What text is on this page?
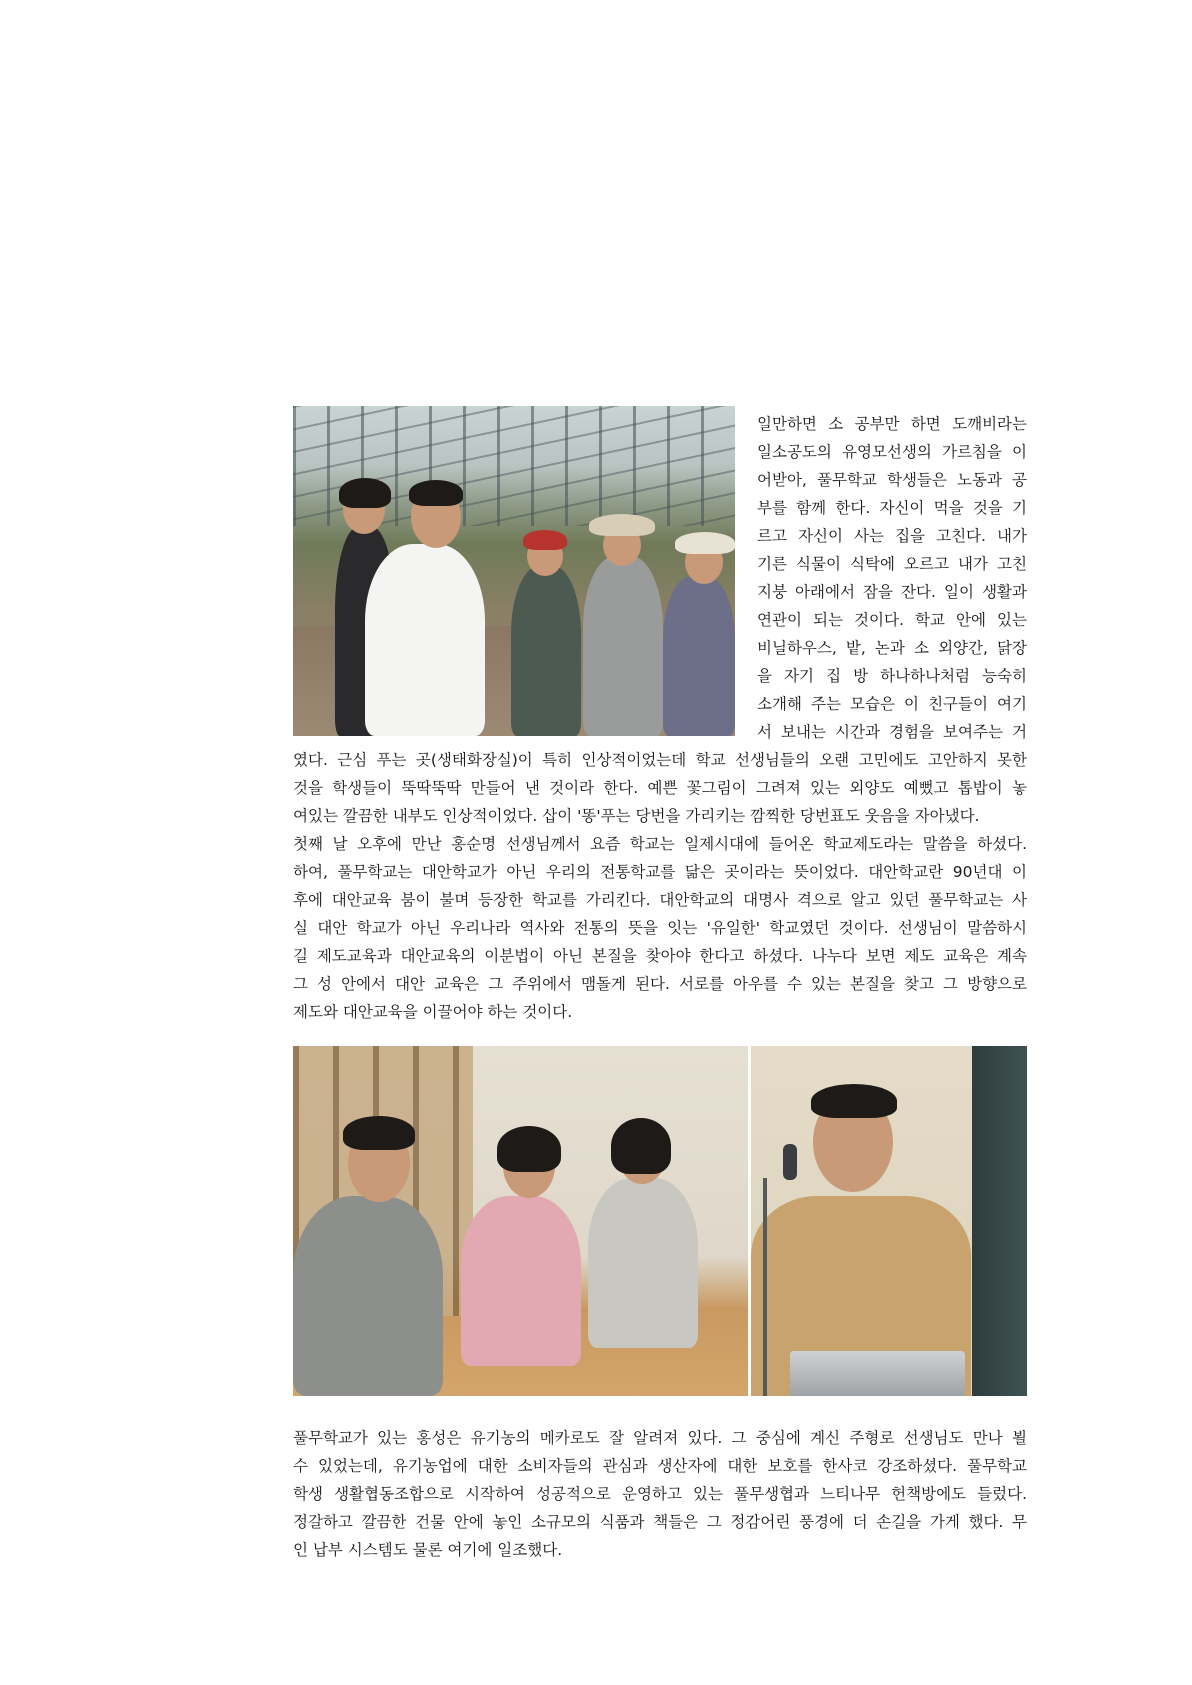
일만하면 소 공부만 하면 도깨비라는
일소공도의 유영모선생의 가르침을 이
어받아, 풀무학교 학생들은 노동과 공
부를 함께 한다. 자신이 먹을 것을 기
르고 자신이 사는 집을 고친다. 내가
기른 식물이 식탁에 오르고 내가 고친
지붕 아래에서 잠을 잔다. 일이 생활과
연관이 되는 것이다. 학교 안에 있는
비닐하우스, 밭, 논과 소 외양간, 닭장
을 자기 집 방 하나하나처럼 능숙히
소개해 주는 모습은 이 친구들이 여기
서 보내는 시간과 경험을 보여주는 거
였다. 근심 푸는 곳(생태화장실)이 특히 인상적이었는데 학교 선생님들의 오랜 고민에도 고안하지 못한
것을 학생들이 뚝딱뚝딱 만들어 낸 것이라 한다. 예쁜 꽃그림이 그려져 있는 외양도 예뻤고 톱밥이 놓
여있는 깔끔한 내부도 인상적이었다. 삽이 '똥'푸는 당번을 가리키는 깜찍한 당번표도 웃음을 자아냈다.
첫째 날 오후에 만난 홍순명 선생님께서 요즘 학교는 일제시대에 들어온 학교제도라는 말씀을 하셨다.
하여, 풀무학교는 대안학교가 아닌 우리의 전통학교를 닮은 곳이라는 뜻이었다. 대안학교란 90년대 이
후에 대안교육 붐이 불며 등장한 학교를 가리킨다. 대안학교의 대명사 격으로 알고 있던 풀무학교는 사
실 대안 학교가 아닌 우리나라 역사와 전통의 뜻을 잇는 '유일한' 학교였던 것이다. 선생님이 말씀하시
길 제도교육과 대안교육의 이분법이 아닌 본질을 찾아야 한다고 하셨다. 나누다 보면 제도 교육은 계속
그 성 안에서 대안 교육은 그 주위에서 맴돌게 된다. 서로를 아우를 수 있는 본질을 찾고 그 방향으로
제도와 대안교육을 이끌어야 하는 것이다.
풀무학교가 있는 홍성은 유기농의 메카로도 잘 알려져 있다. 그 중심에 계신 주형로 선생님도 만나 뵐
수 있었는데, 유기농업에 대한 소비자들의 관심과 생산자에 대한 보호를 한사코 강조하셨다. 풀무학교
학생 생활협동조합으로 시작하여 성공적으로 운영하고 있는 풀무생협과 느티나무 헌책방에도 들렀다.
정갈하고 깔끔한 건물 안에 놓인 소규모의 식품과 책들은 그 정감어린 풍경에 더 손길을 가게 했다. 무
인 납부 시스템도 물론 여기에 일조했다.
